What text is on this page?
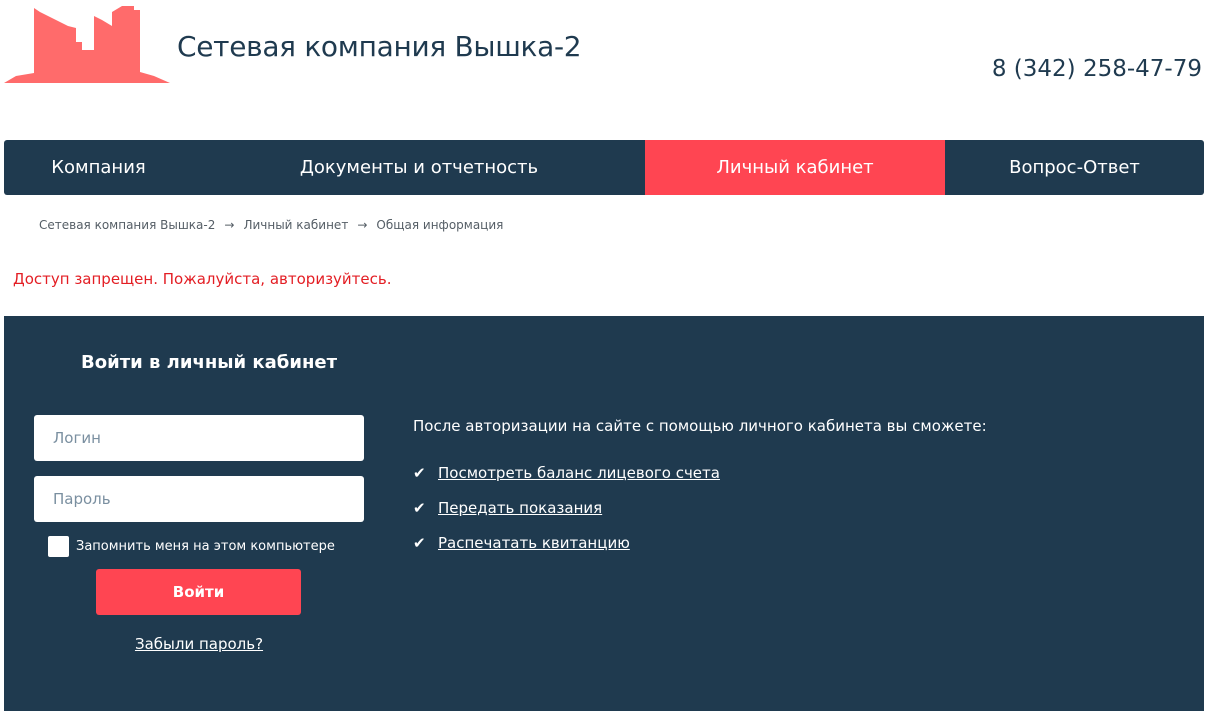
Сетевая компания Вышка-2
8 (342) 258-47-79
Компания	Документы и отчетность	Личный кабинет	Вопрос-Ответ
Сетевая компания Вышка-2 → Личный кабинет → Общая информация
Доступ запрещен. Пожалуйста, авторизуйтесь.
Войти в личный кабинет
Логин
Запомнить меня на этом компьютере
Войти
Забыли пароль?
После авторизации на сайте с помощью личного кабинета вы сможете:
✔ Посмотреть баланс лицевого счета
✔ Передать показания
✔ Распечатать квитанцию
